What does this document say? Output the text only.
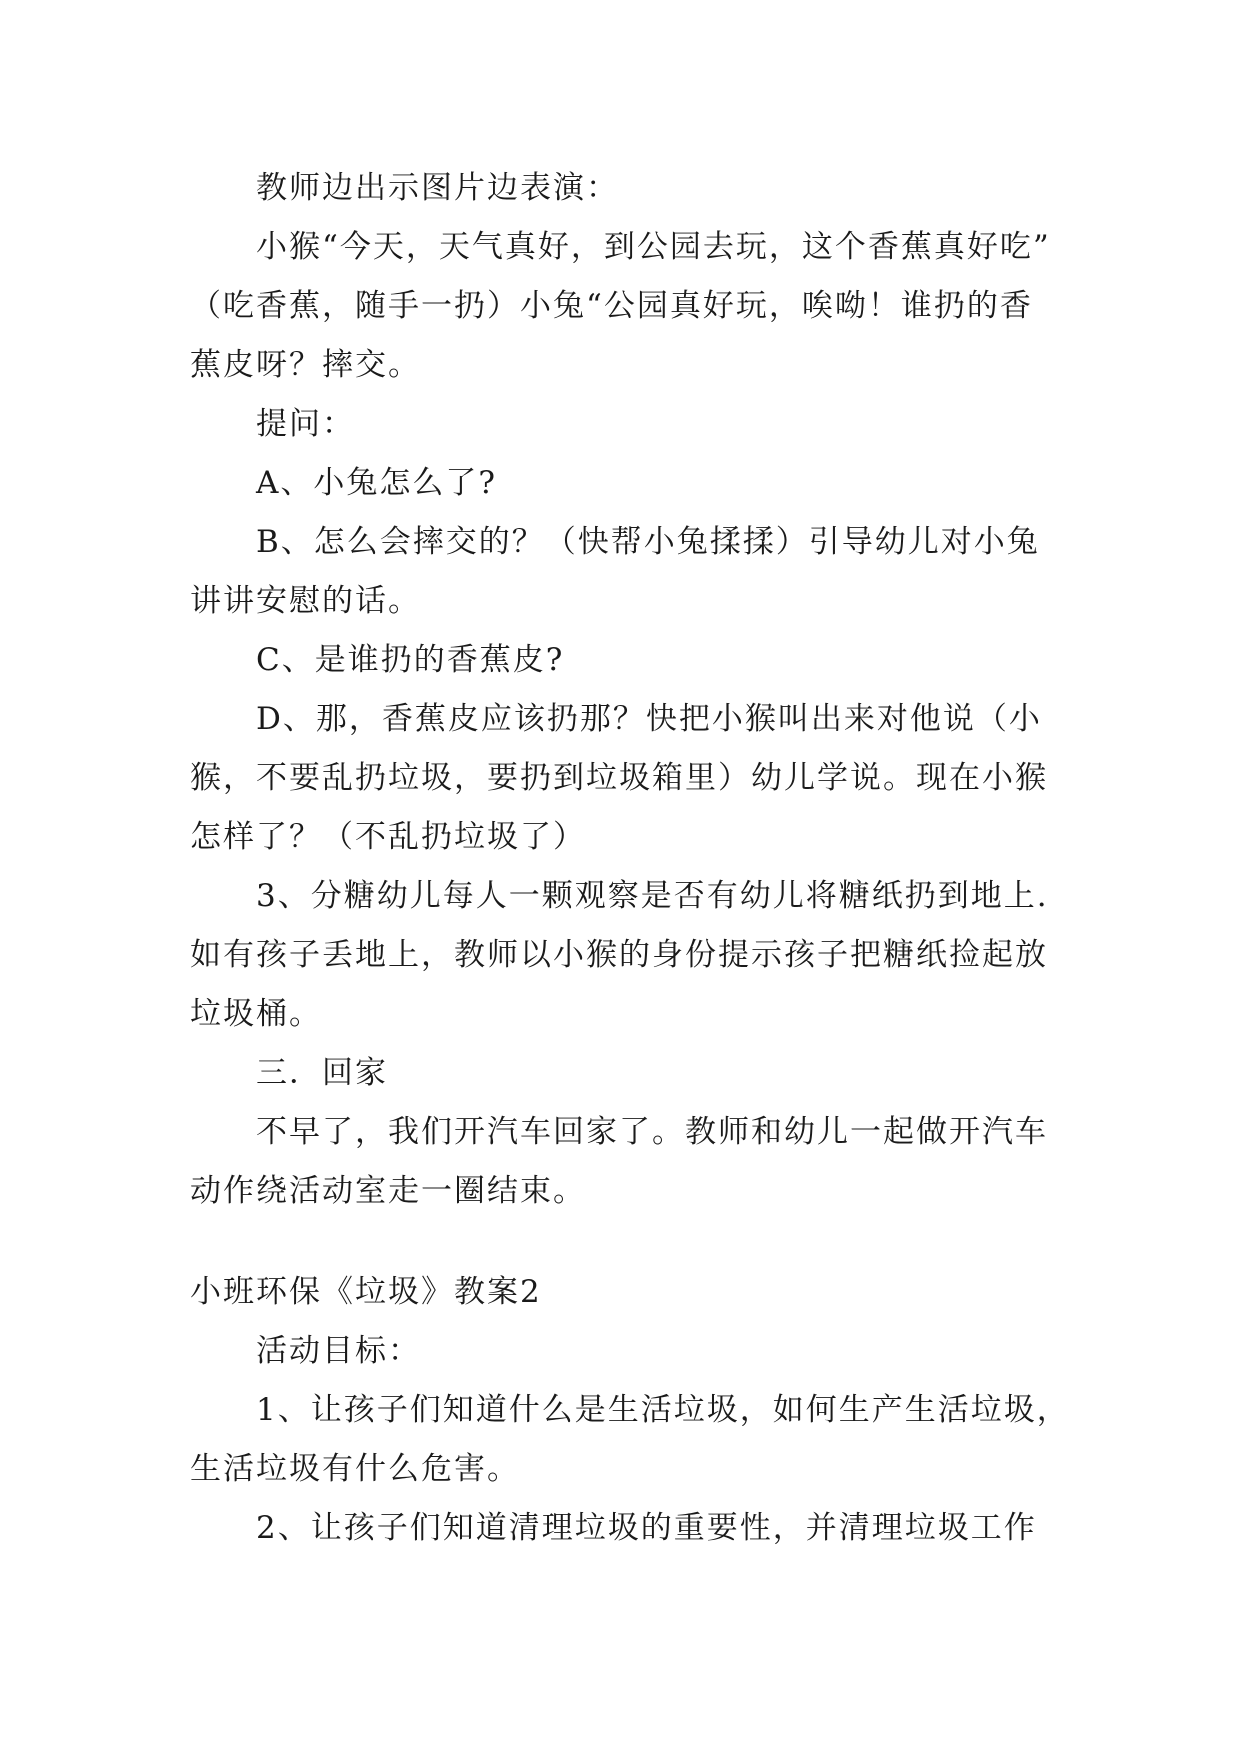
教师边出示图片边表演：
小猴“今天，天气真好，到公园去玩，这个香蕉真好吃”
（吃香蕉，随手一扔）小兔“公园真好玩，唉呦！谁扔的香
蕉皮呀？摔交。
提问：
A、小兔怎么了?
B、怎么会摔交的？（快帮小兔揉揉）引导幼儿对小兔
讲讲安慰的话。
C、是谁扔的香蕉皮?
D、那，香蕉皮应该扔那？快把小猴叫出来对他说（小
猴，不要乱扔垃圾，要扔到垃圾箱里）幼儿学说。现在小猴
怎样了？（不乱扔垃圾了）
3、分糖幼儿每人一颗观察是否有幼儿将糖纸扔到地上.
如有孩子丢地上，教师以小猴的身份提示孩子把糖纸捡起放
垃圾桶。
三．回家
不早了，我们开汽车回家了。教师和幼儿一起做开汽车
动作绕活动室走一圈结束。
小班环保《垃圾》教案2
活动目标：
1、让孩子们知道什么是生活垃圾，如何生产生活垃圾，
生活垃圾有什么危害。
2、让孩子们知道清理垃圾的重要性，并清理垃圾工作
